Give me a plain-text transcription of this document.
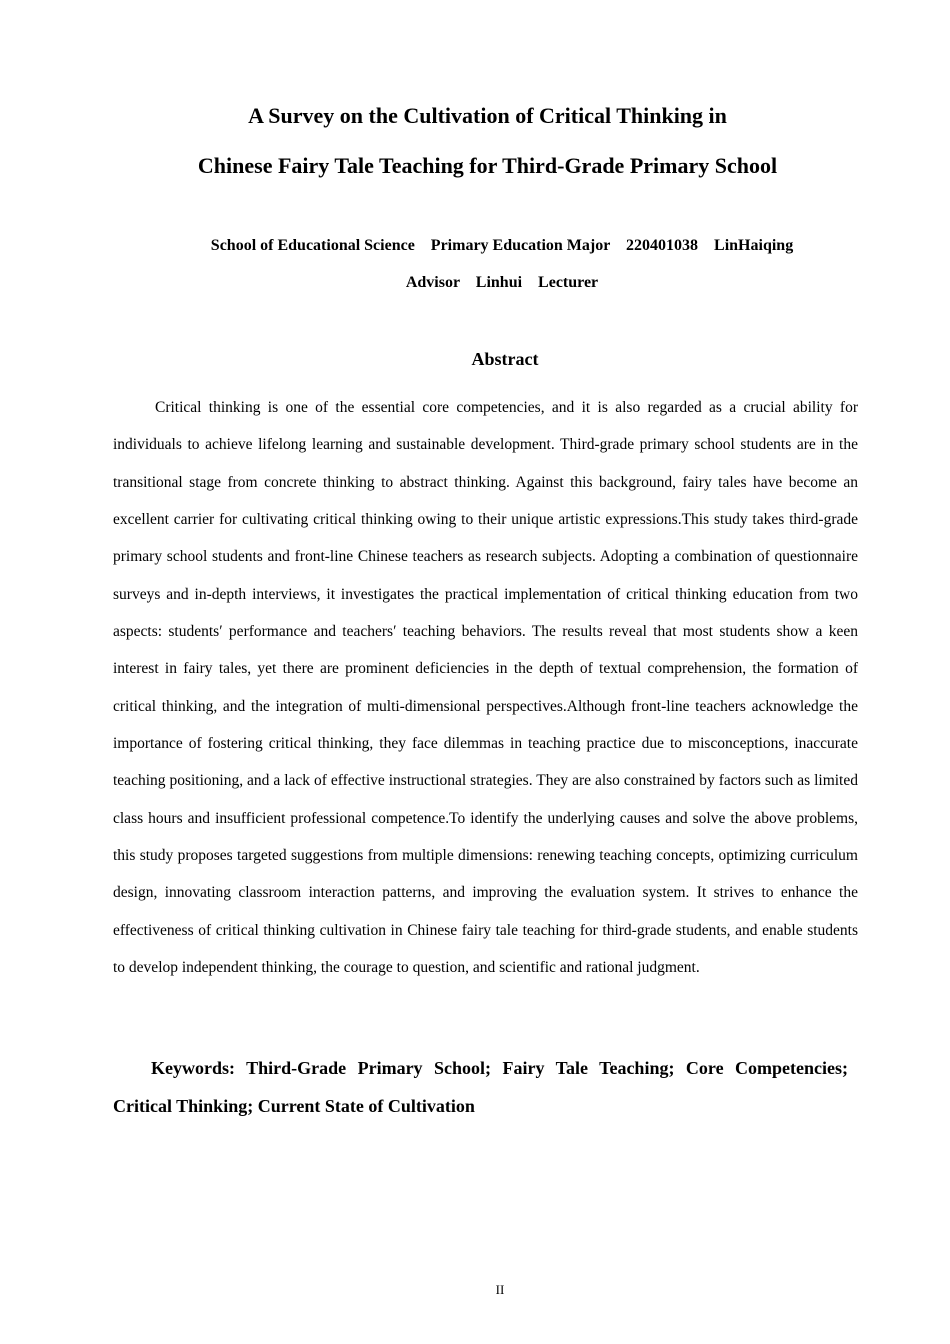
A Survey on the Cultivation of Critical Thinking in
Chinese Fairy Tale Teaching for Third-Grade Primary School
School of Educational Science    Primary Education Major    220401038    LinHaiqing
Advisor    Linhui    Lecturer
Abstract

Critical thinking is one of the essential core competencies, and it is also regarded as a crucial ability for individuals to achieve lifelong learning and sustainable development. Third-grade primary school students are in the transitional stage from concrete thinking to abstract thinking. Against this background, fairy tales have become an excellent carrier for cultivating critical thinking owing to their unique artistic expressions.This study takes third-grade primary school students and front-line Chinese teachers as research subjects. Adopting a combination of questionnaire surveys and in-depth interviews, it investigates the practical implementation of critical thinking education from two aspects: students′ performance and teachers′ teaching behaviors. The results reveal that most students show a keen interest in fairy tales, yet there are prominent deficiencies in the depth of textual comprehension, the formation of critical thinking, and the integration of multi-dimensional perspectives.Although front-line teachers acknowledge the importance of fostering critical thinking, they face dilemmas in teaching practice due to misconceptions, inaccurate teaching positioning, and a lack of effective instructional strategies. They are also constrained by factors such as limited class hours and insufficient professional competence.To identify the underlying causes and solve the above problems, this study proposes targeted suggestions from multiple dimensions: renewing teaching concepts, optimizing curriculum design, innovating classroom interaction patterns, and improving the evaluation system. It strives to enhance the effectiveness of critical thinking cultivation in Chinese fairy tale teaching for third-grade students, and enable students to develop independent thinking, the courage to question, and scientific and rational judgment.

Keywords: Third-Grade Primary School; Fairy Tale Teaching; Core Competencies; Critical Thinking; Current State of Cultivation

II
